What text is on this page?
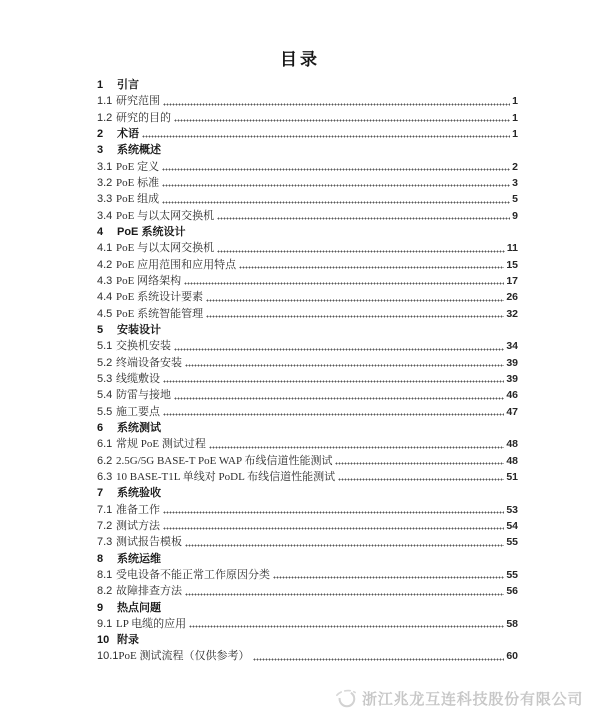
目录
1	引言
1.1 研究范围	1
1.2 研究的目的	1
2	术语	1
3	系统概述
3.1 PoE 定义	2
3.2 PoE 标准	3
3.3 PoE 组成	5
3.4 PoE 与以太网交换机	9
4	PoE 系统设计
4.1 PoE 与以太网交换机	11
4.2 PoE 应用范围和应用特点	15
4.3 PoE 网络架构	17
4.4 PoE 系统设计要素	26
4.5 PoE 系统智能管理	32
5	安装设计
5.1 交换机安装	34
5.2 终端设备安装	39
5.3 线缆敷设	39
5.4 防雷与接地	46
5.5 施工要点	47
6	系统测试
6.1 常规 PoE 测试过程	48
6.2 2.5G/5G BASE-T PoE WAP 布线信道性能测试	48
6.3 10 BASE-T1L 单线对 PoDL 布线信道性能测试	51
7	系统验收
7.1 准备工作	53
7.2 测试方法	54
7.3 测试报告模板	55
8	系统运维
8.1 受电设备不能正常工作原因分类	55
8.2 故障排查方法	56
9	热点问题
9.1 LP 电缆的应用	58
10 附录
10.1 PoE 测试流程（仅供参考）	60
浙江兆龙互连科技股份有限公司
